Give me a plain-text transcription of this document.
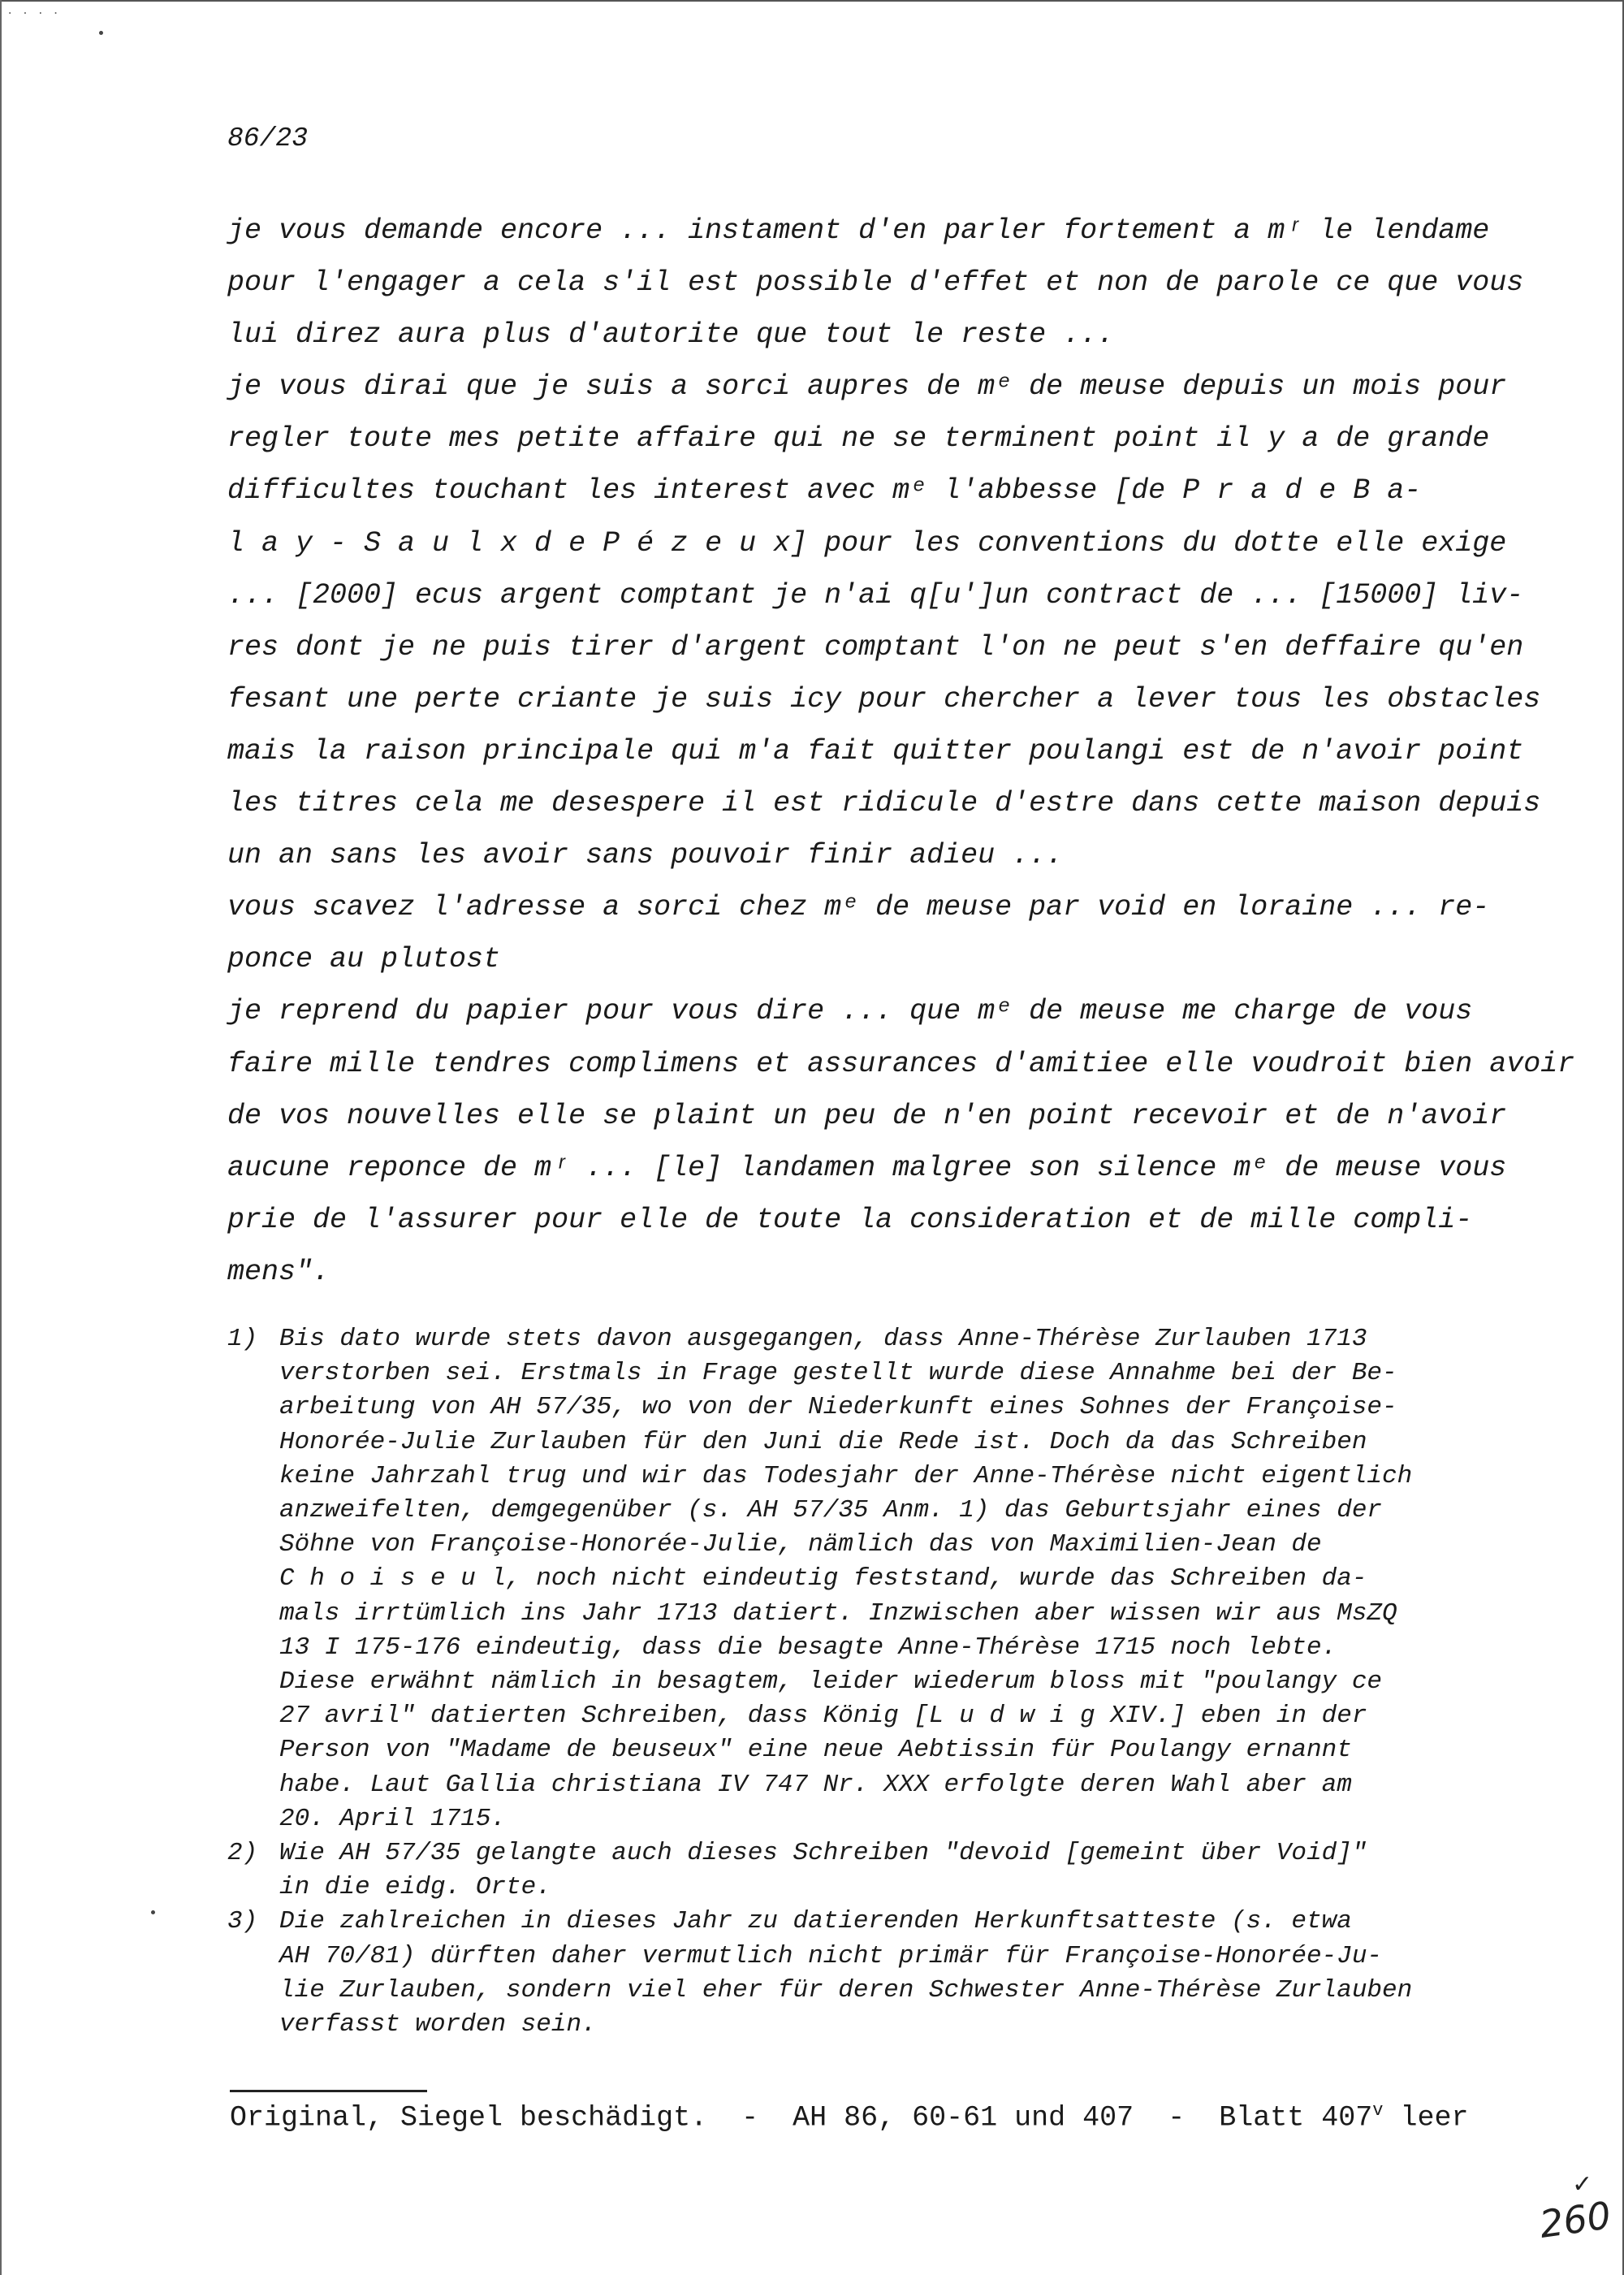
. . . .
86/23
je vous demande encore ... instament d'en parler fortement a mʳ le lendame
pour l'engager a cela s'il est possible d'effet et non de parole ce que vous
lui direz aura plus d'autorite que tout le reste ...
je vous dirai que je suis a sorci aupres de mᵉ de meuse depuis un mois pour
regler toute mes petite affaire qui ne se terminent point il y a de grande
difficultes touchant les interest avec mᵉ l'abbesse [de P r a d e B a-
l a y - S a u l x d e P é z e u x] pour les conventions du dotte elle exige
... [2000] ecus argent comptant je n'ai q[u']un contract de ... [15000] liv-
res dont je ne puis tirer d'argent comptant l'on ne peut s'en deffaire qu'en
fesant une perte criante je suis icy pour chercher a lever tous les obstacles
mais la raison principale qui m'a fait quitter poulangi est de n'avoir point
les titres cela me desespere il est ridicule d'estre dans cette maison depuis
un an sans les avoir sans pouvoir finir adieu ...
vous scavez l'adresse a sorci chez mᵉ de meuse par void en loraine ... re-
ponce au plutost
je reprend du papier pour vous dire ... que mᵉ de meuse me charge de vous
faire mille tendres complimens et assurances d'amitiee elle voudroit bien avoir
de vos nouvelles elle se plaint un peu de n'en point recevoir et de n'avoir
aucune reponce de mʳ ... [le] landamen malgree son silence mᵉ de meuse vous
prie de l'assurer pour elle de toute la consideration et de mille compli-
mens".
1) Bis dato wurde stets davon ausgegangen, dass Anne-Thérèse Zurlauben 1713
verstorben sei. Erstmals in Frage gestellt wurde diese Annahme bei der Be-
arbeitung von AH 57/35, wo von der Niederkunft eines Sohnes der Françoise-
Honorée-Julie Zurlauben für den Juni die Rede ist. Doch da das Schreiben
keine Jahrzahl trug und wir das Todesjahr der Anne-Thérèse nicht eigentlich
anzweifelten, demgegenüber (s. AH 57/35 Anm. 1) das Geburtsjahr eines der
Söhne von Françoise-Honorée-Julie, nämlich das von Maximilien-Jean de
C h o i s e u l, noch nicht eindeutig feststand, wurde das Schreiben da-
mals irrtümlich ins Jahr 1713 datiert. Inzwischen aber wissen wir aus MsZQ
13 I 175-176 eindeutig, dass die besagte Anne-Thérèse 1715 noch lebte.
Diese erwähnt nämlich in besagtem, leider wiederum bloss mit "poulangy ce
27 avril" datierten Schreiben, dass König [L u d w i g XIV.] eben in der
Person von "Madame de beuseux" eine neue Aebtissin für Poulangy ernannt
habe. Laut Gallia christiana IV 747 Nr. XXX erfolgte deren Wahl aber am
20. April 1715.
2) Wie AH 57/35 gelangte auch dieses Schreiben "devoid [gemeint über Void]"
in die eidg. Orte.
3) Die zahlreichen in dieses Jahr zu datierenden Herkunftsatteste (s. etwa
AH 70/81) dürften daher vermutlich nicht primär für Françoise-Honorée-Ju-
lie Zurlauben, sondern viel eher für deren Schwester Anne-Thérèse Zurlauben
verfasst worden sein.
Original, Siegel beschädigt.  -  AH 86, 60-61 und 407  -  Blatt 407$^v$ leer
✓
260
